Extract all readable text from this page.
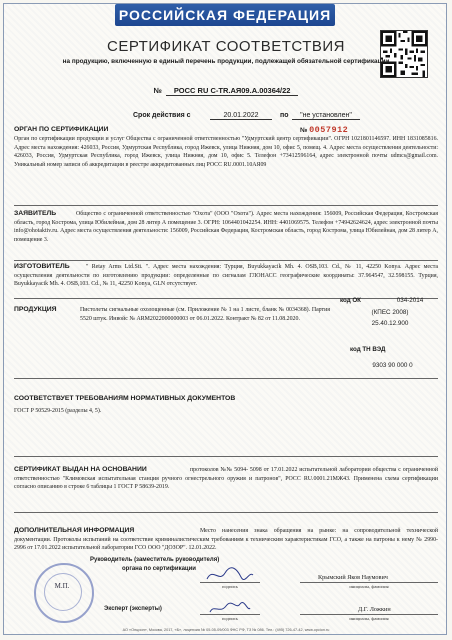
РОССИЙСКАЯ ФЕДЕРАЦИЯ
СЕРТИФИКАТ СООТВЕТСТВИЯ
на продукцию, включенную в единый перечень продукции, подлежащей обязательной сертификации
№ РОСС RU C-TR.АЯ09.А.00364/22
Срок действия с	20.01.2022	по	"не установлен"
ОРГАН ПО СЕРТИФИКАЦИИ	№ 0057912
Орган по сертификации продукции и услуг Общества с ограниченной ответственностью "Удмуртский центр сертификации". ОГРН 1021801146597. ИНН 1831085816. Адрес места нахождения: 426033, Россия, Удмуртская Республика, город Ижевск, улица Нижняя, дом 10, офис 5, помещ. 4. Адрес места осуществления деятельности: 426033, Россия, Удмуртская Республика, город Ижевск, улица Нижняя, дом 10, офис 5. Телефон +73412596164, адрес электронной почты udmcs@gmail.com. Уникальный номер записи об аккредитации в реестре аккредитованных лиц РОСС RU.0001.10АЯ09
ЗАЯВИТЕЛЬ	Общество с ограниченной ответственностью "Охота" (ООО "Охота"). Адрес места нахождения: 156009, Российская Федерация, Костромская область, город Кострома, улица Юбилейная, дом 28 литер А помещение 3. ОГРН: 1064401042254. ИНН: 4401069575. Телефон +74942624624, адрес электронной почты info@ohotaktiv.ru. Адрес места осуществления деятельности: 156009, Российская Федерация, Костромская область, город Кострома, улица Юбилейная, дом 28 литер А, помещение 3.
ИЗГОТОВИТЕЛЬ	" Retay Arms Ltd.Sti. ". Адрес места нахождения: Турция, Buyukkayacik Mh. 4. OSB,103. Cd., № 11, 42250 Konya. Адрес места осуществления деятельности по изготовлению продукции: определенные по сигналам ГЛОНАСС географические координаты: 37.964547, 32.598155. Турция, Buyukkayacik Mh. 4. OSB,103. Cd., № 11, 42250 Konya, GLN отсутствует.
ПРОДУКЦИЯ	Пистолеты сигнальные охолощенные (см. Приложение № 1 на 1 листе, бланк № 0034368). Партия 5520 штук. Инвойс № ARM2022000000003 от 06.01.2022. Контракт № 82 от 11.08.2020.
код ОК	034-2014
(КПЕС 2008)
25.40.12.900
код ТН ВЭД
9303 90 000 0
СООТВЕТСТВУЕТ ТРЕБОВАНИЯМ НОРМАТИВНЫХ ДОКУМЕНТОВ
ГОСТ Р 50529-2015 (разделы 4, 5).
СЕРТИФИКАТ ВЫДАН НА ОСНОВАНИИ	протоколов №№ 5094- 5098 от 17.01.2022 испытательной лаборатории общества с ограниченной ответственностью "Климовская испытательная станция ручного огнестрельного оружия и патронов", РОСС RU.0001.21МЖ43. Применена схема сертификации согласно описанию в строке 6 таблицы 1 ГОСТ Р 58639-2019.
ДОПОЛНИТЕЛЬНАЯ ИНФОРМАЦИЯ	Место нанесения знака обращения на рынке: на сопроводительной технической документации. Протоколы испытаний на соответствие криминалистическим требованиям к техническим характеристикам ГСО, а также на патроны к нему № 2990-2996 от 17.01.2022 испытательной лаборатории ГСО ООО "ДОЗОР". 12.01.2022.
М.П.
Руководитель (заместитель руководителя)
органа по сертификации
подпись
Крымский Яков Наумович
инициалы, фамилия
Эксперт (эксперты)
подпись
Д.Г. Ложкин
инициалы, фамилия
АО «Опцион», Москва, 2017, «Б», лицензия № 05-05-09/003 ФНС РФ, ТЗ № 086. Тел.: (495) 726-47-42, www.opcion.ru
